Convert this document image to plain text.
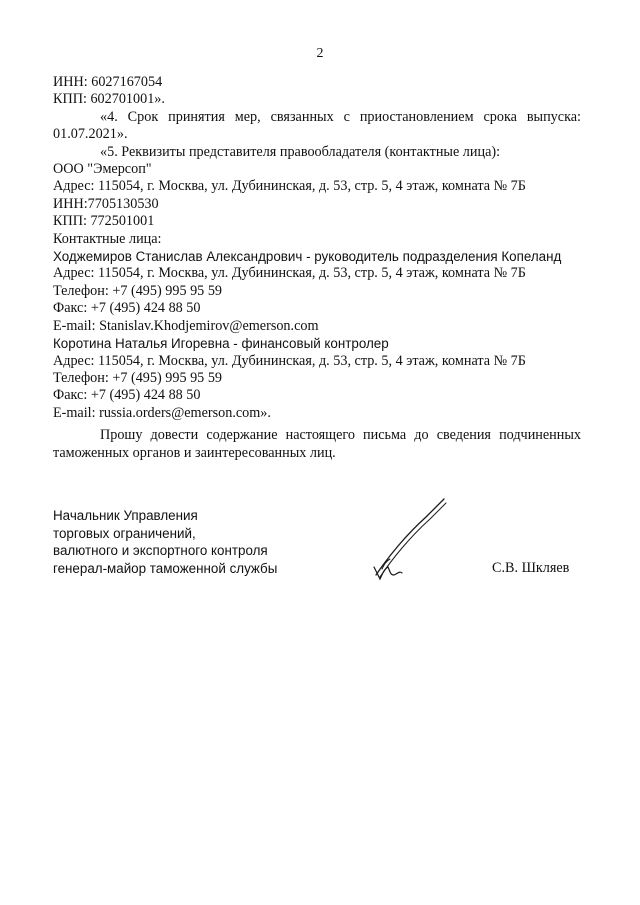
2
ИНН: 6027167054
КПП: 602701001».
«4. Срок принятия мер, связанных с приостановлением срока выпуска:
01.07.2021».
«5. Реквизиты представителя правообладателя (контактные лица):
ООО "Эмерсоп"
Адрес: 115054, г. Москва, ул. Дубининская, д. 53, стр. 5, 4 этаж, комната № 7Б
ИНН:7705130530
КПП: 772501001
Контактные лица:
Ходжемиров Станислав Александрович - руководитель подразделения Копеланд
Адрес: 115054, г. Москва, ул. Дубининская, д. 53, стр. 5, 4 этаж, комната № 7Б
Телефон: +7 (495) 995 95 59
Факс: +7 (495) 424 88 50
E-mail: Stanislav.Khodjemirov@emerson.com
Коротина Наталья Игоревна - финансовый контролер
Адрес: 115054, г. Москва, ул. Дубининская, д. 53, стр. 5, 4 этаж, комната № 7Б
Телефон: +7 (495) 995 95 59
Факс: +7 (495) 424 88 50
E-mail: russia.orders@emerson.com».
Прошу довести содержание настоящего письма до сведения подчиненных
таможенных органов и заинтересованных лиц.
Начальник Управления
торговых ограничений,
валютного и экспортного контроля
генерал-майор таможенной службы	С.В. Шкляев
